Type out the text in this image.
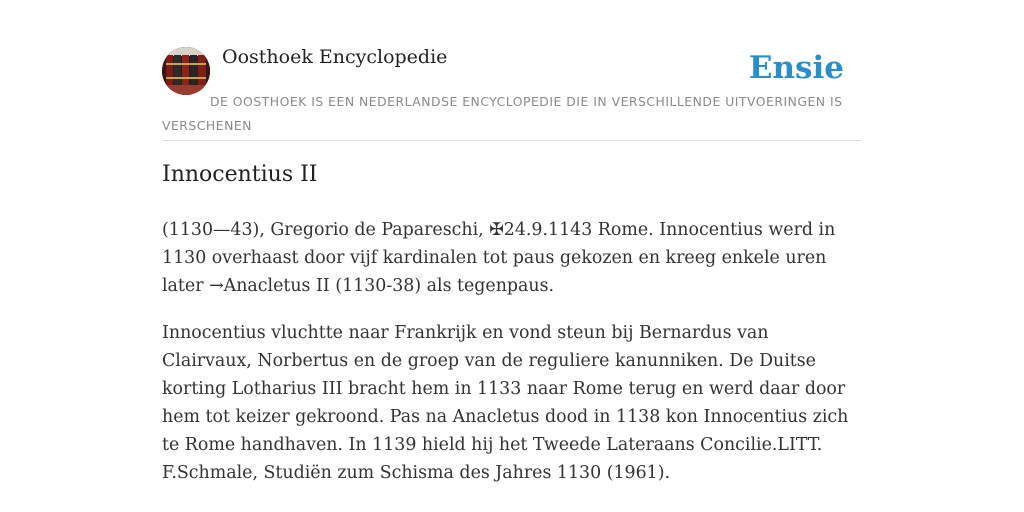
Oosthoek Encyclopedie	Ensie
DE OOSTHOEK IS EEN NEDERLANDSE ENCYCLOPEDIE DIE IN VERSCHILLENDE UITVOERINGEN IS VERSCHENEN
Innocentius II

(1130—43), Gregorio de Papareschi, ✠24.9.1143 Rome. Innocentius werd in 1130 overhaast door vijf kardinalen tot paus gekozen en kreeg enkele uren later →Anacletus II (1130-38) als tegenpaus.

Innocentius vluchtte naar Frankrijk en vond steun bij Bernardus van Clairvaux, Norbertus en de groep van de reguliere kanunniken. De Duitse korting Lotharius III bracht hem in 1133 naar Rome terug en werd daar door hem tot keizer gekroond. Pas na Anacletus dood in 1138 kon Innocentius zich te Rome handhaven. In 1139 hield hij het Tweede Lateraans Concilie.LITT. F.Schmale, Studiën zum Schisma des Jahres 1130 (1961).
